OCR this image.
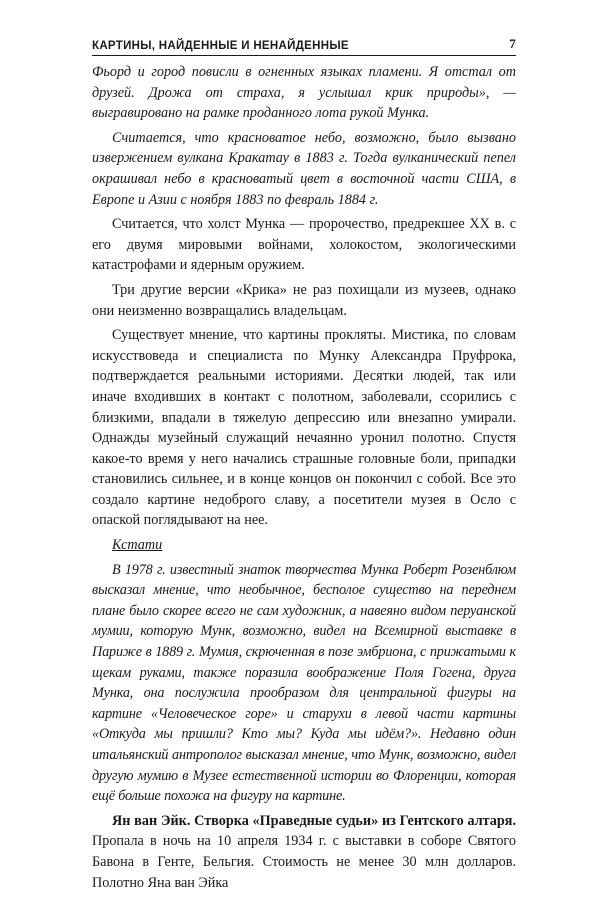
КАРТИНЫ, НАЙДЕННЫЕ И НЕНАЙДЕННЫЕ	7

Фьорд и город повисли в огненных языках пламени. Я отстал от друзей. Дрожа от страха, я услышал крик природы», — выгравировано на рамке проданного лота рукой Мунка.

Считается, что красноватое небо, возможно, было вызвано извержением вулкана Кракатау в 1883 г. Тогда вулканический пепел окрашивал небо в красноватый цвет в восточной части США, в Европе и Азии с ноября 1883 по февраль 1884 г.

Считается, что холст Мунка — пророчество, предрекшее XX в. с его двумя мировыми войнами, холокостом, экологическими катастрофами и ядерным оружием.

Три другие версии «Крика» не раз похищали из музеев, однако они неизменно возвращались владельцам.

Существует мнение, что картины прокляты. Мистика, по словам искусствоведа и специалиста по Мунку Александра Пруфрока, подтверждается реальными историями. Десятки людей, так или иначе входивших в контакт с полотном, заболевали, ссорились с близкими, впадали в тяжелую депрессию или внезапно умирали. Однажды музейный служащий нечаянно уронил полотно. Спустя какое-то время у него начались страшные головные боли, припадки становились сильнее, и в конце концов он покончил с собой. Все это создало картине недоброго славу, а посетители музея в Осло с опаской поглядывают на нее.

Кстати

В 1978 г. известный знаток творчества Мунка Роберт Розенблюм высказал мнение, что необычное, бесполое существо на переднем плане было скорее всего не сам художник, а навеяно видом перуанской мумии, которую Мунк, возможно, видел на Всемирной выставке в Париже в 1889 г. Мумия, скрюченная в позе эмбриона, с прижатыми к щекам руками, также поразила воображение Поля Гогена, друга Мунка, она послужила прообразом для центральной фигуры на картине «Человеческое горе» и старухи в левой части картины «Откуда мы пришли? Кто мы? Куда мы идём?». Недавно один итальянский антрополог высказал мнение, что Мунк, возможно, видел другую мумию в Музее естественной истории во Флоренции, которая ещё больше похожа на фигуру на картине.

Ян ван Эйк. Створка «Праведные судьи» из Гентского алтаря. Пропала в ночь на 10 апреля 1934 г. с выставки в соборе Святого Бавона в Генте, Бельгия. Стоимость не менее 30 млн долларов. Полотно Яна ван Эйка
